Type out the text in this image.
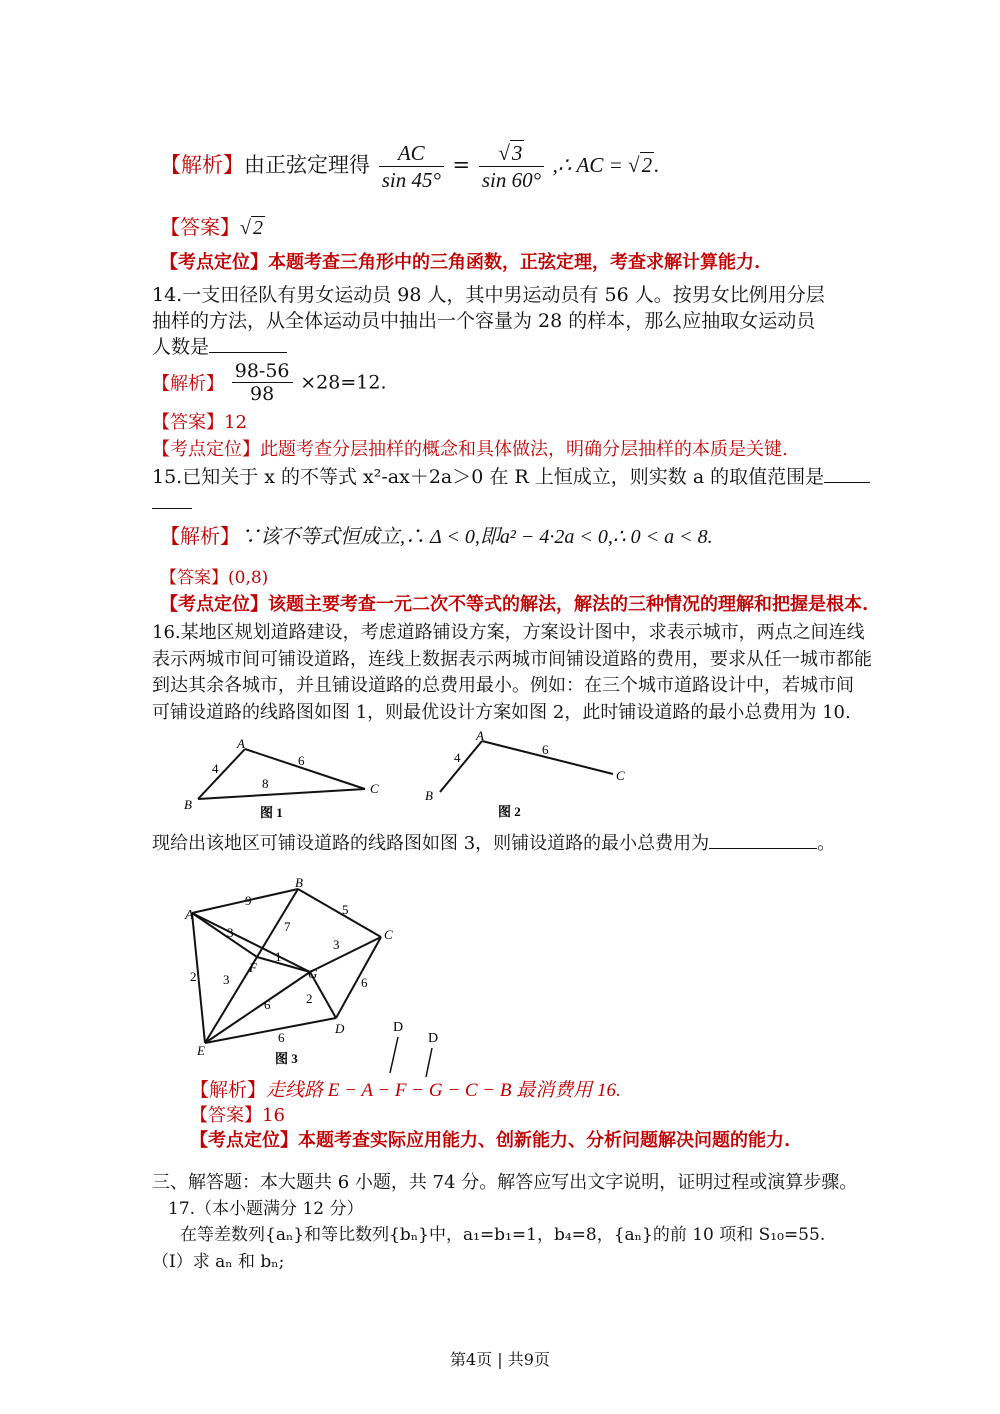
【解析】由正弦定理得 $\frac{AC}{\sin 45^\circ} = \frac{√3}{\sin 60^\circ}$ ,∴ AC = √2.
【答案】√ 2
【考点定位】本题考查三角形中的三角函数，正弦定理，考查求解计算能力.
14.一支田径队有男女运动员 98 人，其中男运动员有 56 人。按男女比例用分层
抽样的方法，从全体运动员中抽出一个容量为 28 的样本，那么应抽取女运动员
人数是
【解析】 $\frac{98-56}{98} \times 28=12$.
【答案】12
【考点定位】此题考查分层抽样的概念和具体做法，明确分层抽样的本质是关键.
15.已知关于 x 的不等式 x²-ax＋2a＞0 在 R 上恒成立，则实数 a 的取值范围是
【解析】∵该不等式恒成立,∴ Δ < 0,即a² − 4·2a < 0,∴ 0 < a < 8.
【答案】(0,8)
【考点定位】该题主要考查一元二次不等式的解法，解法的三种情况的理解和把握是根本.
16.某地区规划道路建设，考虑道路铺设方案，方案设计图中，求表示城市，两点之间连线
表示两城市间可铺设道路，连线上数据表示两城市间铺设道路的费用，要求从任一城市都能
到达其余各城市，并且铺设道路的总费用最小。例如：在三个城市道路设计中，若城市间
可铺设道路的线路图如图 1，则最优设计方案如图 2，此时铺设道路的最小总费用为 10.
A
B
C
4
6
8
图 1
A
B
C
4
6
图 2
现给出该地区可铺设道路的线路图如图 3，则铺设道路的最小总费用为	。
A
B
C
D
E
F	G
9
5
3	7
3
1
2 3	6
6	2
6
图 3
D
D
【解析】走线路 E − A − F − G − C − B 最消费用 16.
【答案】16
【考点定位】本题考查实际应用能力、创新能力、分析问题解决问题的能力.
三、解答题：本大题共 6 小题，共 74 分。解答应写出文字说明，证明过程或演算步骤。
17.（本小题满分 12 分）
在等差数列{aₙ}和等比数列{bₙ}中，a₁=b₁=1，b₄=8，{aₙ}的前 10 项和 S₁₀=55.
（Ⅰ）求 aₙ 和 bₙ;
第4页 | 共9页
